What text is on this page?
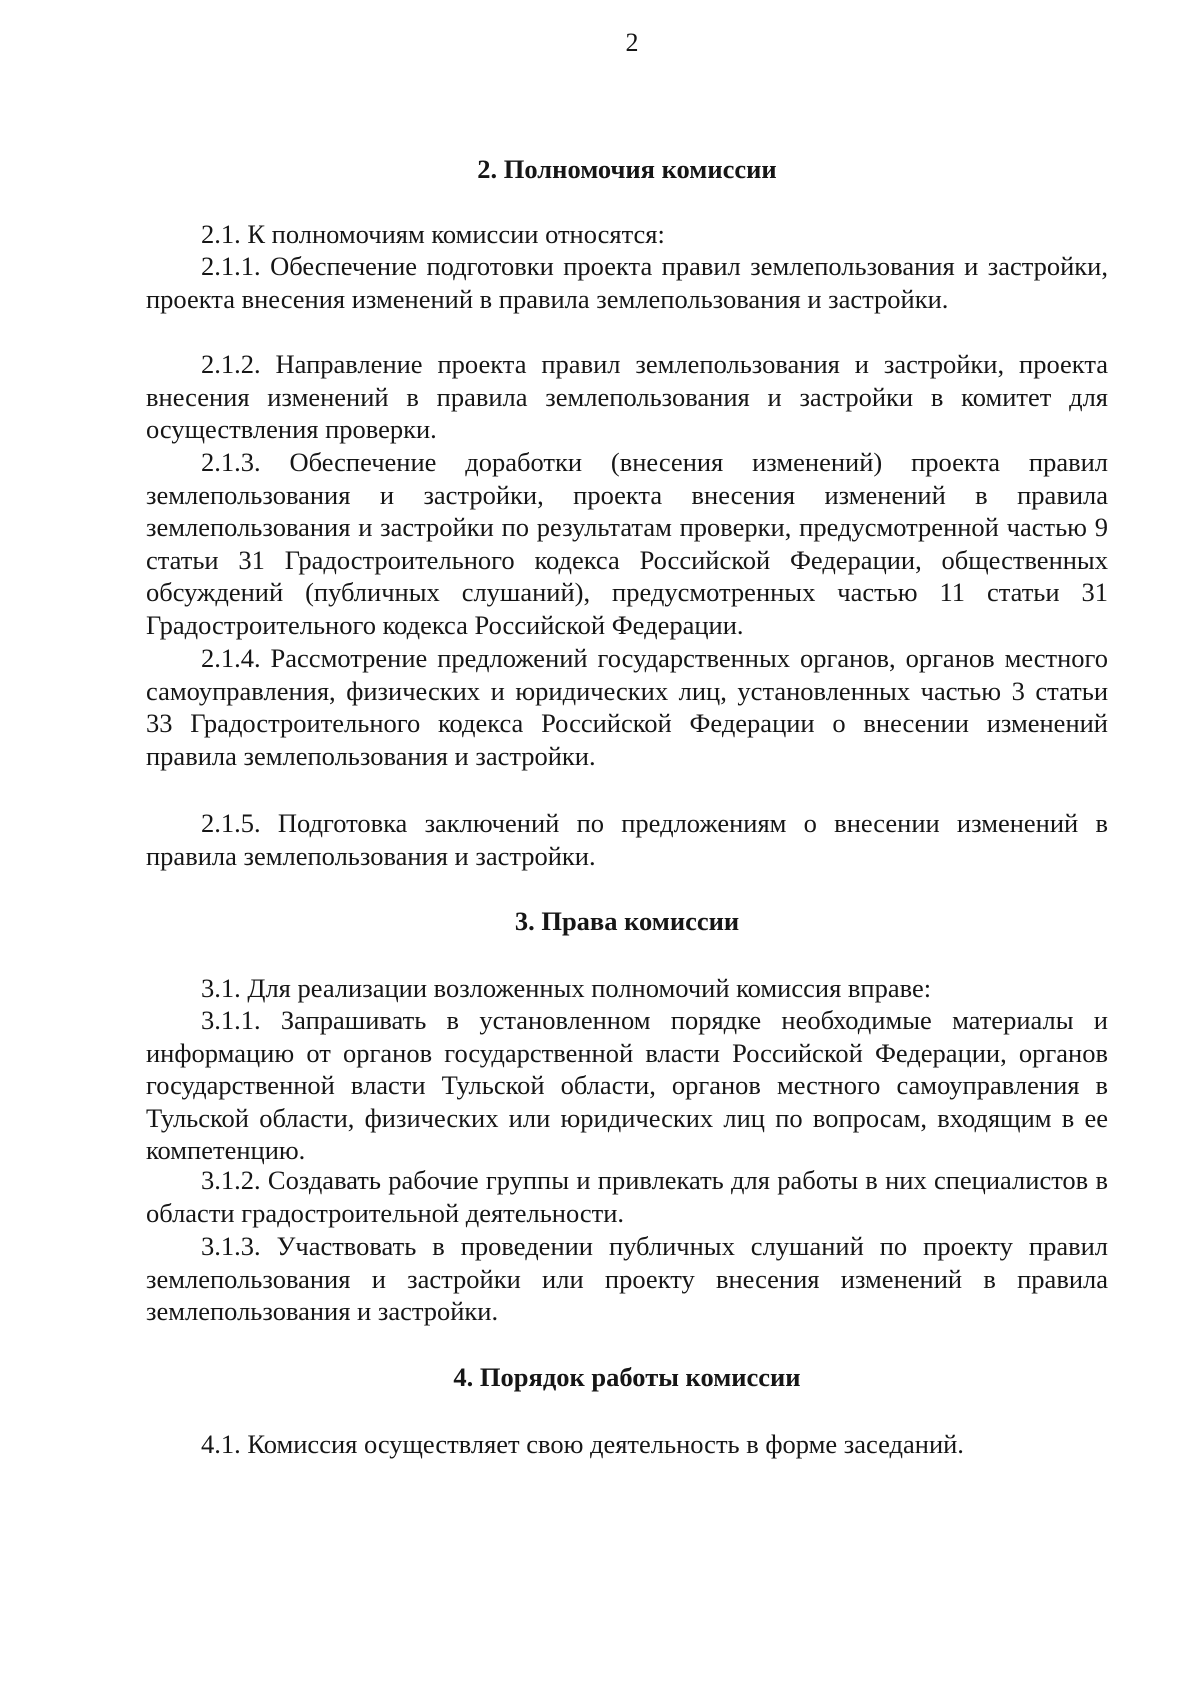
2
2. Полномочия комиссии

2.1. К полномочиям комиссии относятся:

2.1.1. Обеспечение подготовки проекта правил землепользования и застройки, проекта внесения изменений в правила землепользования и застройки.

2.1.2. Направление проекта правил землепользования и застройки, проекта внесения изменений в правила землепользования и застройки в комитет для осуществления проверки.

2.1.3. Обеспечение доработки (внесения изменений) проекта правил землепользования и застройки, проекта внесения изменений в правила землепользования и застройки по результатам проверки, предусмотренной частью 9 статьи 31 Градостроительного кодекса Российской Федерации, общественных обсуждений (публичных слушаний), предусмотренных частью 11 статьи 31 Градостроительного кодекса Российской Федерации.

2.1.4. Рассмотрение предложений государственных органов, органов местного самоуправления, физических и юридических лиц, установленных частью 3 статьи 33 Градостроительного кодекса Российской Федерации о внесении изменений правила землепользования и застройки.

2.1.5. Подготовка заключений по предложениям о внесении изменений в правила землепользования и застройки.

3. Права комиссии

3.1. Для реализации возложенных полномочий комиссия вправе:

3.1.1. Запрашивать в установленном порядке необходимые материалы и информацию от органов государственной власти Российской Федерации, органов государственной власти Тульской области, органов местного самоуправления в Тульской области, физических или юридических лиц по вопросам, входящим в ее компетенцию.

3.1.2. Создавать рабочие группы и привлекать для работы в них специалистов в области градостроительной деятельности.

3.1.3. Участвовать в проведении публичных слушаний по проекту правил землепользования и застройки или проекту внесения изменений в правила землепользования и застройки.

4. Порядок работы комиссии

4.1. Комиссия осуществляет свою деятельность в форме заседаний.
